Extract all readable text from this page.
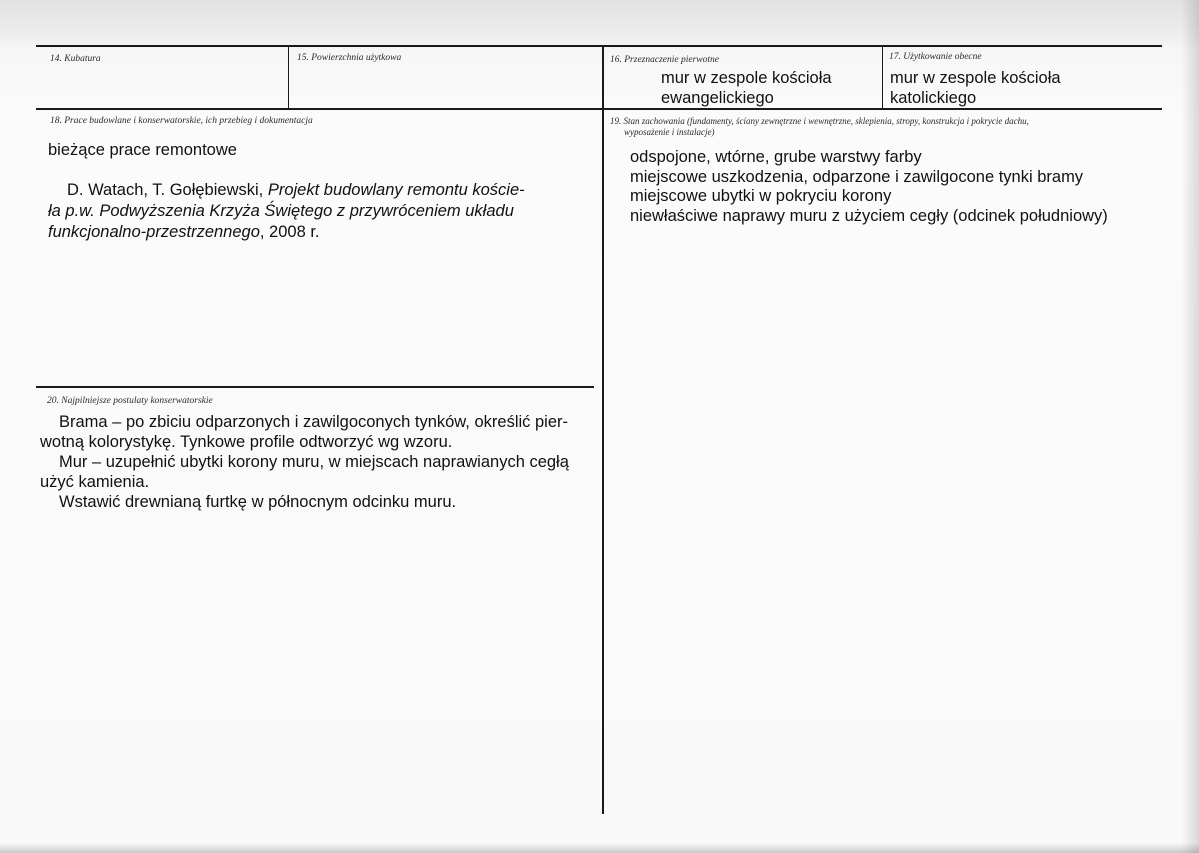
14. Kubatura	15. Powierzchnia użytkowa	16. Przeznaczenie pierwotne
mur w zespole kościoła
ewangelickiego
17. Użytkowanie obecne
mur w zespole kościoła
katolickiego
18. Prace budowlane i konserwatorskie, ich przebieg i dokumentacja
bieżące prace remontowe
D. Watach, T. Gołębiewski, Projekt budowlany remontu koście-
ła p.w. Podwyższenia Krzyża Świętego z przywróceniem układu
funkcjonalno-przestrzennego, 2008 r.
19. Stan zachowania (fundamenty, ściany zewnętrzne i wewnętrzne, sklepienia, stropy, konstrukcja i pokrycie dachu,
wyposażenie i instalacje)
odspojone, wtórne, grube warstwy farby
miejscowe uszkodzenia, odparzone i zawilgocone tynki bramy
miejscowe ubytki w pokryciu korony
niewłaściwe naprawy muru z użyciem cegły (odcinek południowy)
20. Najpilniejsze postulaty konserwatorskie
Brama – po zbiciu odparzonych i zawilgoconych tynków, określić pier-
wotną kolorystykę. Tynkowe profile odtworzyć wg wzoru.
Mur – uzupełnić ubytki korony muru, w miejscach naprawianych cegłą
użyć kamienia.
Wstawić drewnianą furtkę w północnym odcinku muru.
